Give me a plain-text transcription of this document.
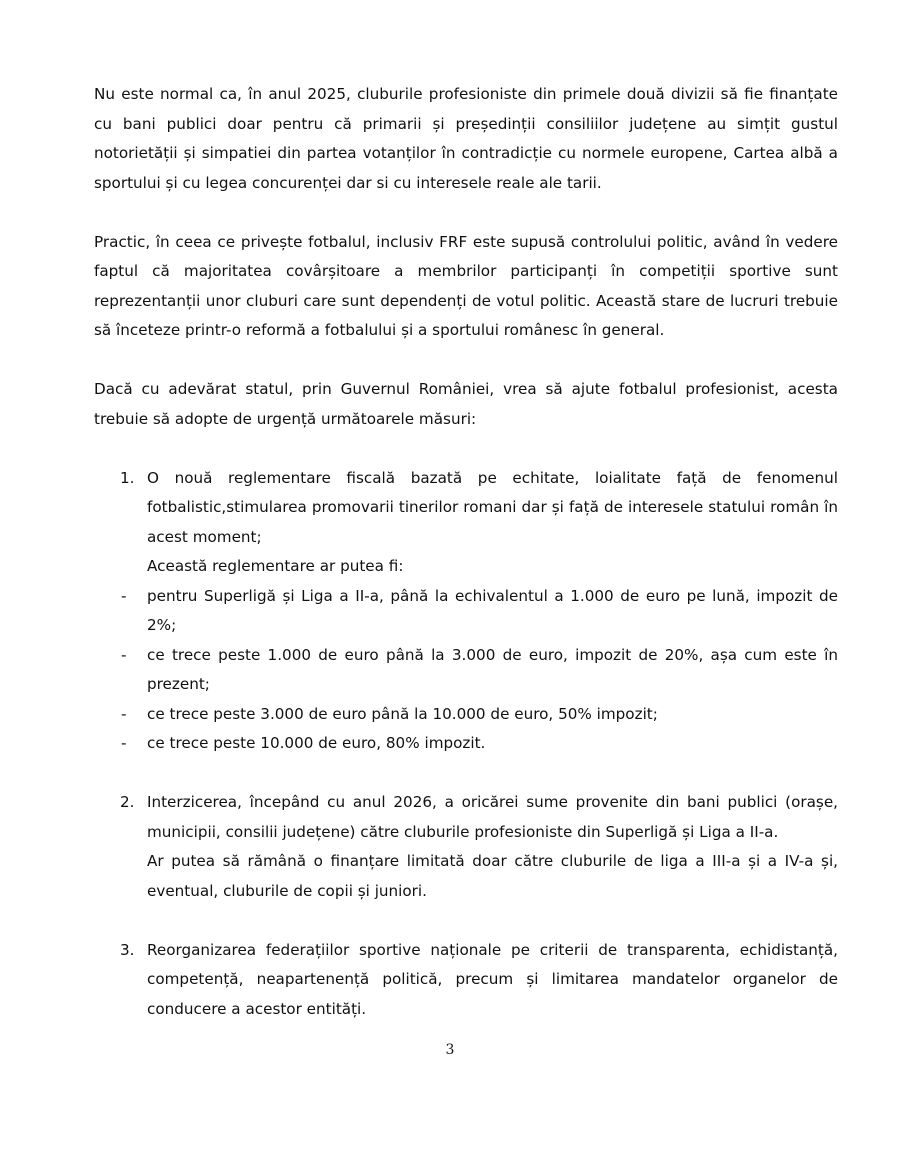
Nu este normal ca, în anul 2025, cluburile profesioniste din primele două divizii să fie finanțate cu bani publici doar pentru că primarii și președinții consiliilor județene au simțit gustul notorietății și simpatiei din partea votanților în contradicție cu normele europene, Cartea albă a sportului și cu legea concurenței dar si cu interesele reale ale tarii.

Practic, în ceea ce privește fotbalul, inclusiv FRF este supusă controlului politic, având în vedere faptul că majoritatea covârșitoare a membrilor participanți în competiții sportive sunt reprezentanții unor cluburi care sunt dependenți de votul politic. Această stare de lucruri trebuie să înceteze printr-o reformă a fotbalului și a sportului românesc în general.

Dacă cu adevărat statul, prin Guvernul României, vrea să ajute fotbalul profesionist, acesta trebuie să adopte de urgență următoarele măsuri:

1. O nouă reglementare fiscală bazată pe echitate, loialitate față de fenomenul fotbalistic,stimularea promovarii tinerilor romani dar și față de interesele statului român în acest moment;

Această reglementare ar putea fi:

- pentru Superligă și Liga a II-a, până la echivalentul a 1.000 de euro pe lună, impozit de 2%;

- ce trece peste 1.000 de euro până la 3.000 de euro, impozit de 20%, așa cum este în prezent;

- ce trece peste 3.000 de euro până la 10.000 de euro, 50% impozit;

- ce trece peste 10.000 de euro, 80% impozit.

2. Interzicerea, începând cu anul 2026, a oricărei sume provenite din bani publici (orașe, municipii, consilii județene) către cluburile profesioniste din Superligă și Liga a II-a.

Ar putea să rămână o finanțare limitată doar către cluburile de liga a III-a și a IV-a și, eventual, cluburile de copii și juniori.

3. Reorganizarea federațiilor sportive naționale pe criterii de transparenta, echidistanță, competență, neapartenență politică, precum și limitarea mandatelor organelor de conducere a acestor entități.

3
